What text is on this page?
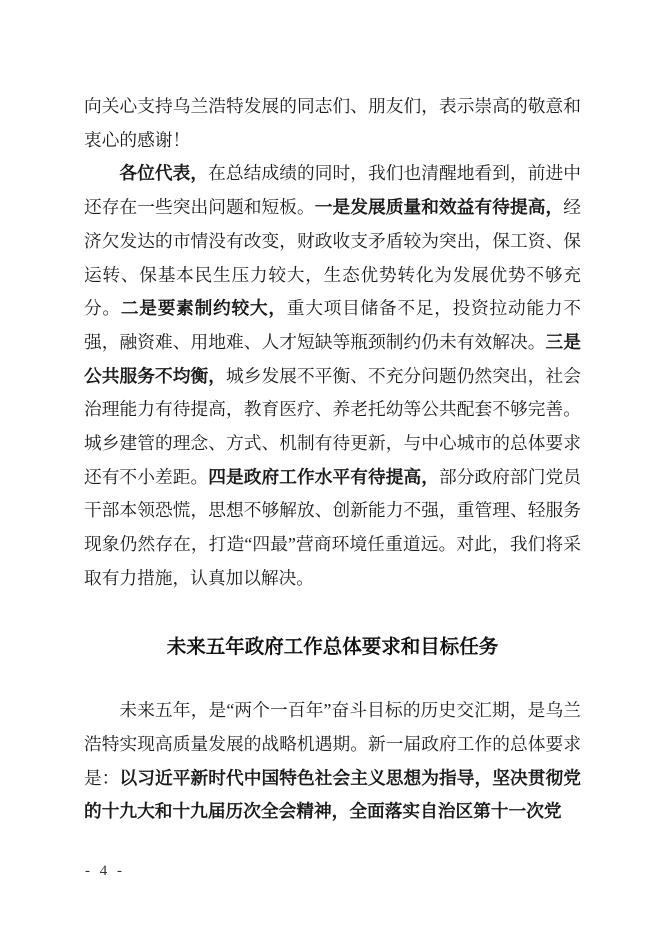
向关心支持乌兰浩特发展的同志们、朋友们，表示崇高的敬意和衷心的感谢！

各位代表，在总结成绩的同时，我们也清醒地看到，前进中还存在一些突出问题和短板。一是发展质量和效益有待提高，经济欠发达的市情没有改变，财政收支矛盾较为突出，保工资、保运转、保基本民生压力较大，生态优势转化为发展优势不够充分。二是要素制约较大，重大项目储备不足，投资拉动能力不强，融资难、用地难、人才短缺等瓶颈制约仍未有效解决。三是公共服务不均衡，城乡发展不平衡、不充分问题仍然突出，社会治理能力有待提高，教育医疗、养老托幼等公共配套不够完善。城乡建管的理念、方式、机制有待更新，与中心城市的总体要求还有不小差距。四是政府工作水平有待提高，部分政府部门党员干部本领恐慌，思想不够解放、创新能力不强，重管理、轻服务现象仍然存在，打造“四最”营商环境任重道远。对此，我们将采取有力措施，认真加以解决。

未来五年政府工作总体要求和目标任务

未来五年，是“两个一百年”奋斗目标的历史交汇期，是乌兰浩特实现高质量发展的战略机遇期。新一届政府工作的总体要求是：以习近平新时代中国特色社会主义思想为指导，坚决贯彻党的十九大和十九届历次全会精神，全面落实自治区第十一次党

- 4 -
